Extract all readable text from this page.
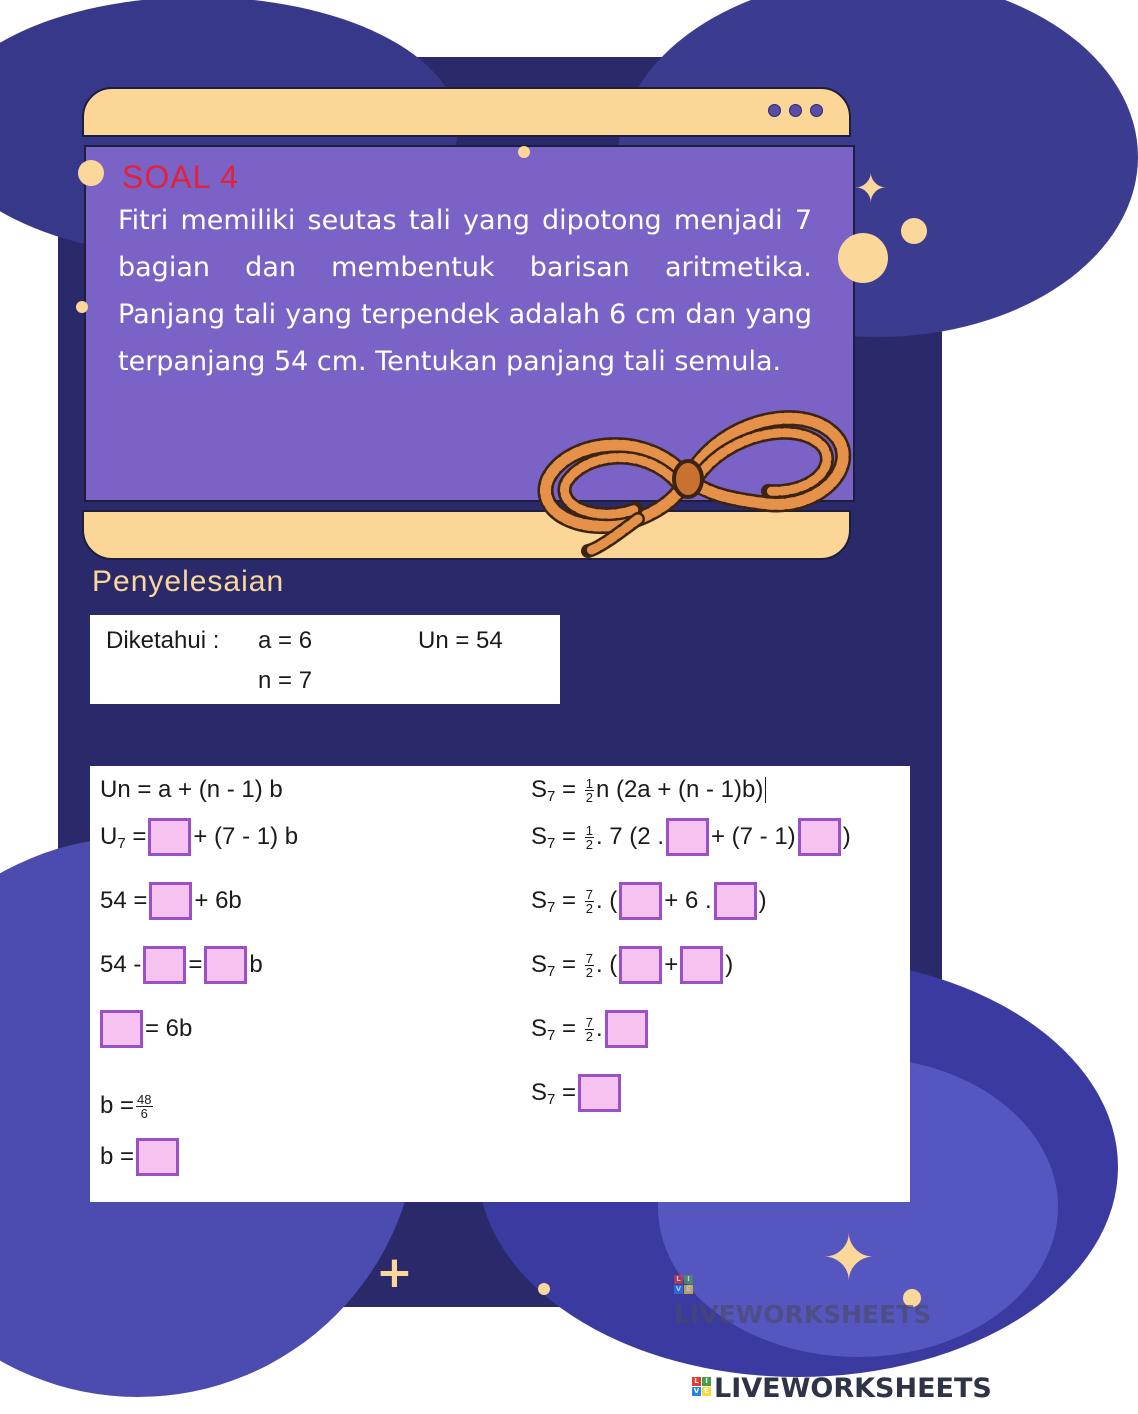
✦
✦
+
SOAL 4
Fitri memiliki seutas tali yang dipotong menjadi 7 bagian dan membentuk barisan aritmetika. Panjang tali yang terpendek adalah 6 cm dan yang terpanjang 54 cm. Tentukan panjang tali semula.
Penyelesaian
Diketahui : a = 6	Un = 54
n = 7
Un = a + (n - 1) b
U 7
= + (7 - 1) b
54 = + 6b
54 - = b
= 6b
$b = \frac{48}{6}$
b =
S 7
=
$\frac{1}{2}$ n (2a + (n - 1)b)
S 7
=
$\frac{1}{2}$ . 7 (2 . + (7 - 1) )
S 7
=
$\frac{7}{2}$ . ( + 6 . )
S 7
=
$\frac{7}{2}$ . ( + )
S 7
=
$\frac{7}{2}$ .
S 7
=
L I
V E
LIVEWORKSHEETS
L I
V E LIVEWORKSHEETS
